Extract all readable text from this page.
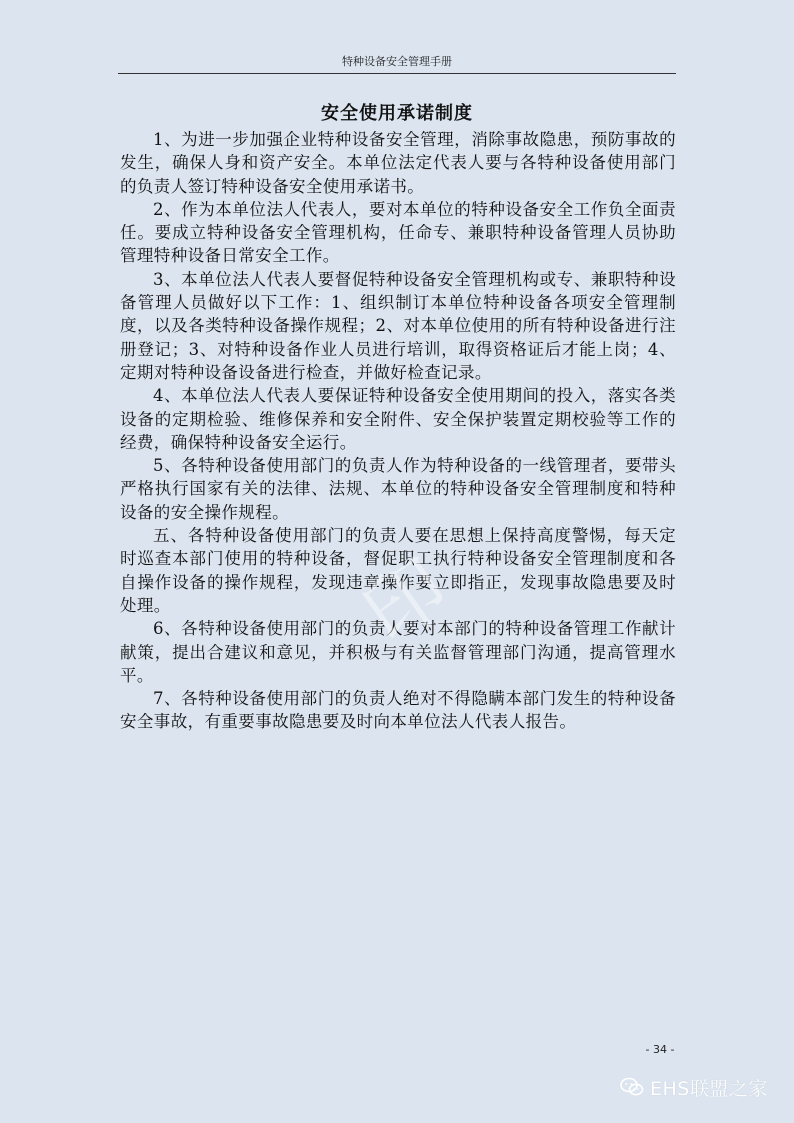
特种设备安全管理手册
安全使用承诺制度

1、为进一步加强企业特种设备安全管理，消除事故隐患，预防事故的发生，确保人身和资产安全。本单位法定代表人要与各特种设备使用部门的负责人签订特种设备安全使用承诺书。

2、作为本单位法人代表人，要对本单位的特种设备安全工作负全面责任。要成立特种设备安全管理机构，任命专、兼职特种设备管理人员协助管理特种设备日常安全工作。

3、本单位法人代表人要督促特种设备安全管理机构或专、兼职特种设备管理人员做好以下工作：1、组织制订本单位特种设备各项安全管理制度，以及各类特种设备操作规程；2、对本单位使用的所有特种设备进行注册登记；3、对特种设备作业人员进行培训，取得资格证后才能上岗；4、定期对特种设备设备进行检查，并做好检查记录。

4、本单位法人代表人要保证特种设备安全使用期间的投入，落实各类设备的定期检验、维修保养和安全附件、安全保护装置定期校验等工作的经费，确保特种设备安全运行。

5、各特种设备使用部门的负责人作为特种设备的一线管理者，要带头严格执行国家有关的法律、法规、本单位的特种设备安全管理制度和特种设备的安全操作规程。

五、各特种设备使用部门的负责人要在思想上保持高度警惕，每天定时巡查本部门使用的特种设备，督促职工执行特种设备安全管理制度和各自操作设备的操作规程，发现违章操作要立即指正，发现事故隐患要及时处理。

6、各特种设备使用部门的负责人要对本部门的特种设备管理工作献计献策，提出合建议和意见，并积极与有关监督管理部门沟通，提高管理水平。

7、各特种设备使用部门的负责人绝对不得隐瞒本部门发生的特种设备安全事故，有重要事故隐患要及时向本单位法人代表人报告。

印
- 34 -
EHS联盟之家
